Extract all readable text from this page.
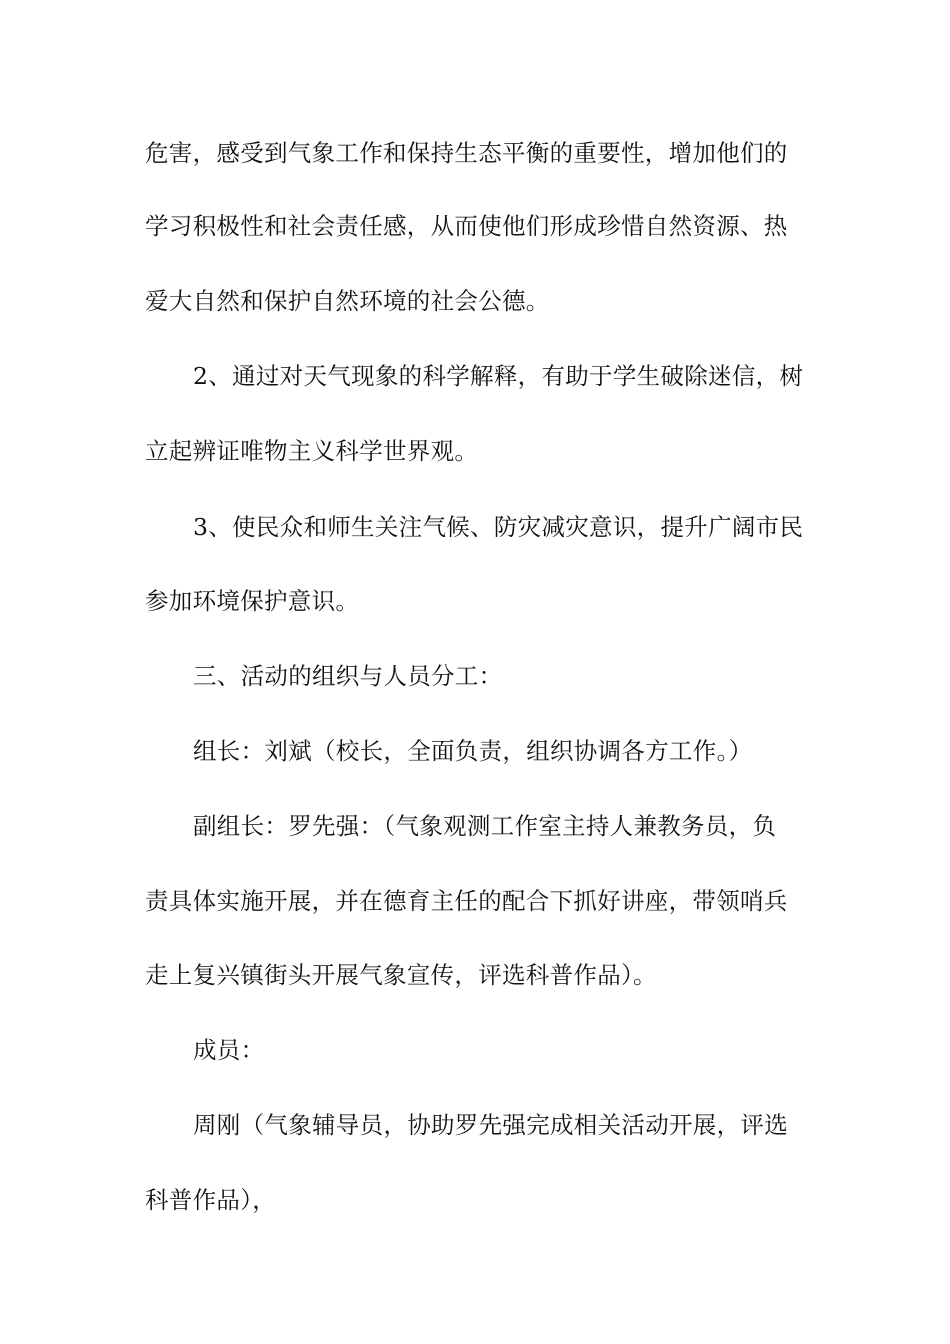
危害，感受到气象工作和保持生态平衡的重要性，增加他们的
学习积极性和社会责任感，从而使他们形成珍惜自然资源、热
爱大自然和保护自然环境的社会公德。
2、通过对天气现象的科学解释，有助于学生破除迷信，树
立起辨证唯物主义科学世界观。
3、使民众和师生关注气候、防灾减灾意识，提升广阔市民
参加环境保护意识。
三、活动的组织与人员分工：
组长：刘斌（校长，全面负责，组织协调各方工作。）
副组长：罗先强：（气象观测工作室主持人兼教务员，负
责具体实施开展，并在德育主任的配合下抓好讲座，带领哨兵
走上复兴镇街头开展气象宣传，评选科普作品）。
成员：
周刚（气象辅导员，协助罗先强完成相关活动开展，评选
科普作品），
